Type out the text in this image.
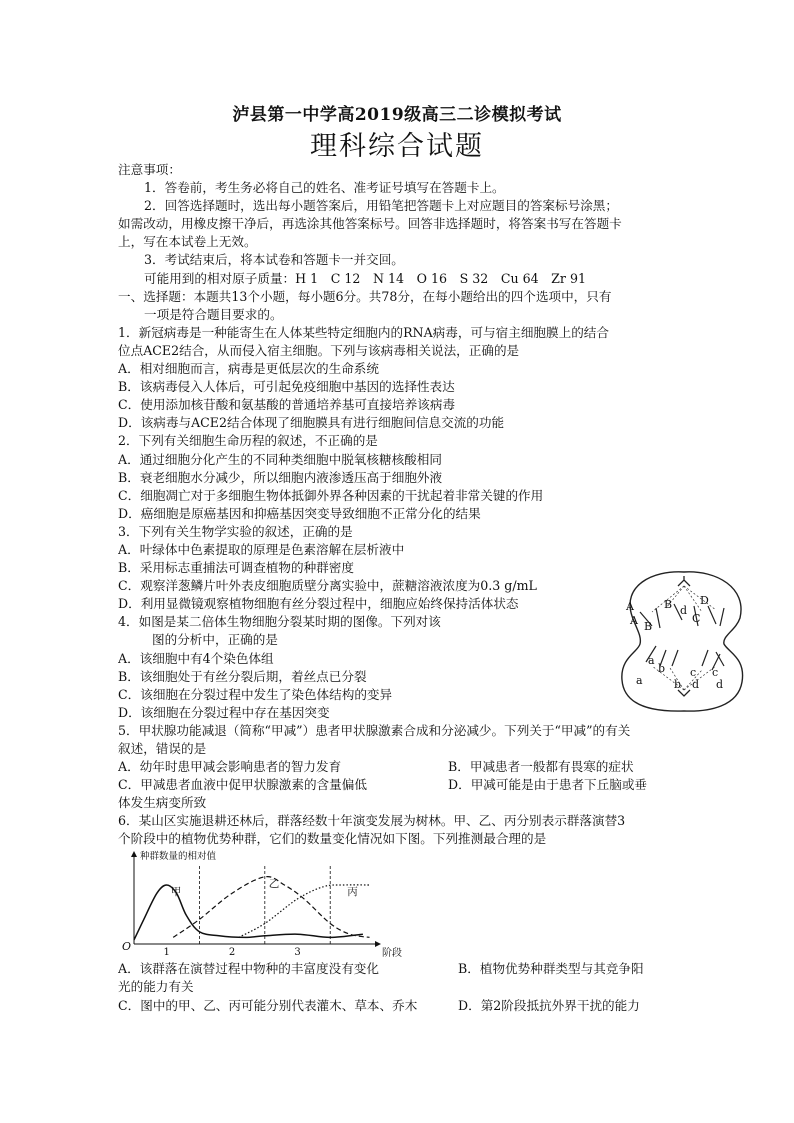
泸县第一中学高2019级高三二诊模拟考试
理科综合试题
注意事项：
1．答卷前，考生务必将自己的姓名、准考证号填写在答题卡上。
2．回答选择题时，选出每小题答案后，用铅笔把答题卡上对应题目的答案标号涂黑；
如需改动，用橡皮擦干净后，再选涂其他答案标号。回答非选择题时，将答案书写在答题卡
上，写在本试卷上无效。
3．考试结束后，将本试卷和答题卡一并交回。
可能用到的相对原子质量：H 1　C 12　N 14　O 16　S 32　Cu 64　Zr 91
一、选择题：本题共13个小题，每小题6分。共78分，在每小题给出的四个选项中，只有
一项是符合题目要求的。
1．新冠病毒是一种能寄生在人体某些特定细胞内的RNA病毒，可与宿主细胞膜上的结合
位点ACE2结合，从而侵入宿主细胞。下列与该病毒相关说法，正确的是
A．相对细胞而言，病毒是更低层次的生命系统
B．该病毒侵入人体后，可引起免疫细胞中基因的选择性表达
C．使用添加核苷酸和氨基酸的普通培养基可直接培养该病毒
D．该病毒与ACE2结合体现了细胞膜具有进行细胞间信息交流的功能
2．下列有关细胞生命历程的叙述，不正确的是
A．通过细胞分化产生的不同种类细胞中脱氧核糖核酸相同
B．衰老细胞水分减少，所以细胞内液渗透压高于细胞外液
C．细胞凋亡对于多细胞生物体抵御外界各种因素的干扰起着非常关键的作用
D．癌细胞是原癌基因和抑癌基因突变导致细胞不正常分化的结果
3．下列有关生物学实验的叙述，正确的是
A．叶绿体中色素提取的原理是色素溶解在层析液中
B．采用标志重捕法可调查植物的种群密度
C．观察洋葱鳞片叶外表皮细胞质壁分离实验中，蔗糖溶液浓度为0.3 g/mL
D．利用显微镜观察植物细胞有丝分裂过程中，细胞应始终保持活体状态
4．如图是某二倍体生物细胞分裂某时期的图像。下列对该
图的分析中，正确的是
A．该细胞中有4个染色体组
B．该细胞处于有丝分裂后期，着丝点已分裂
C．该细胞在分裂过程中发生了染色体结构的变异
D．该细胞在分裂过程中存在基因突变
5．甲状腺功能减退（简称“甲减”）患者甲状腺激素合成和分泌减少。下列关于“甲减”的有关
叙述，错误的是
A．幼年时患甲减会影响患者的智力发育	B．甲减患者一般都有畏寒的症状
C．甲减患者血液中促甲状腺激素的含量偏低	D．甲减可能是由于患者下丘脑或垂
体发生病变所致
6．某山区实施退耕还林后，群落经数十年演变发展为树林。甲、乙、丙分别表示群落演替3
个阶段中的植物优势种群，它们的数量变化情况如下图。下列推测最合理的是
A	B d
D
C
A B
a
b
a	b
c
d
c
d
种群数量的相对值
阶段
O	1	2	3
甲
乙
丙
A．该群落在演替过程中物种的丰富度没有变化	B．植物优势种群类型与其竞争阳
光的能力有关
C．图中的甲、乙、丙可能分别代表灌木、草本、乔木	D．第2阶段抵抗外界干扰的能力
